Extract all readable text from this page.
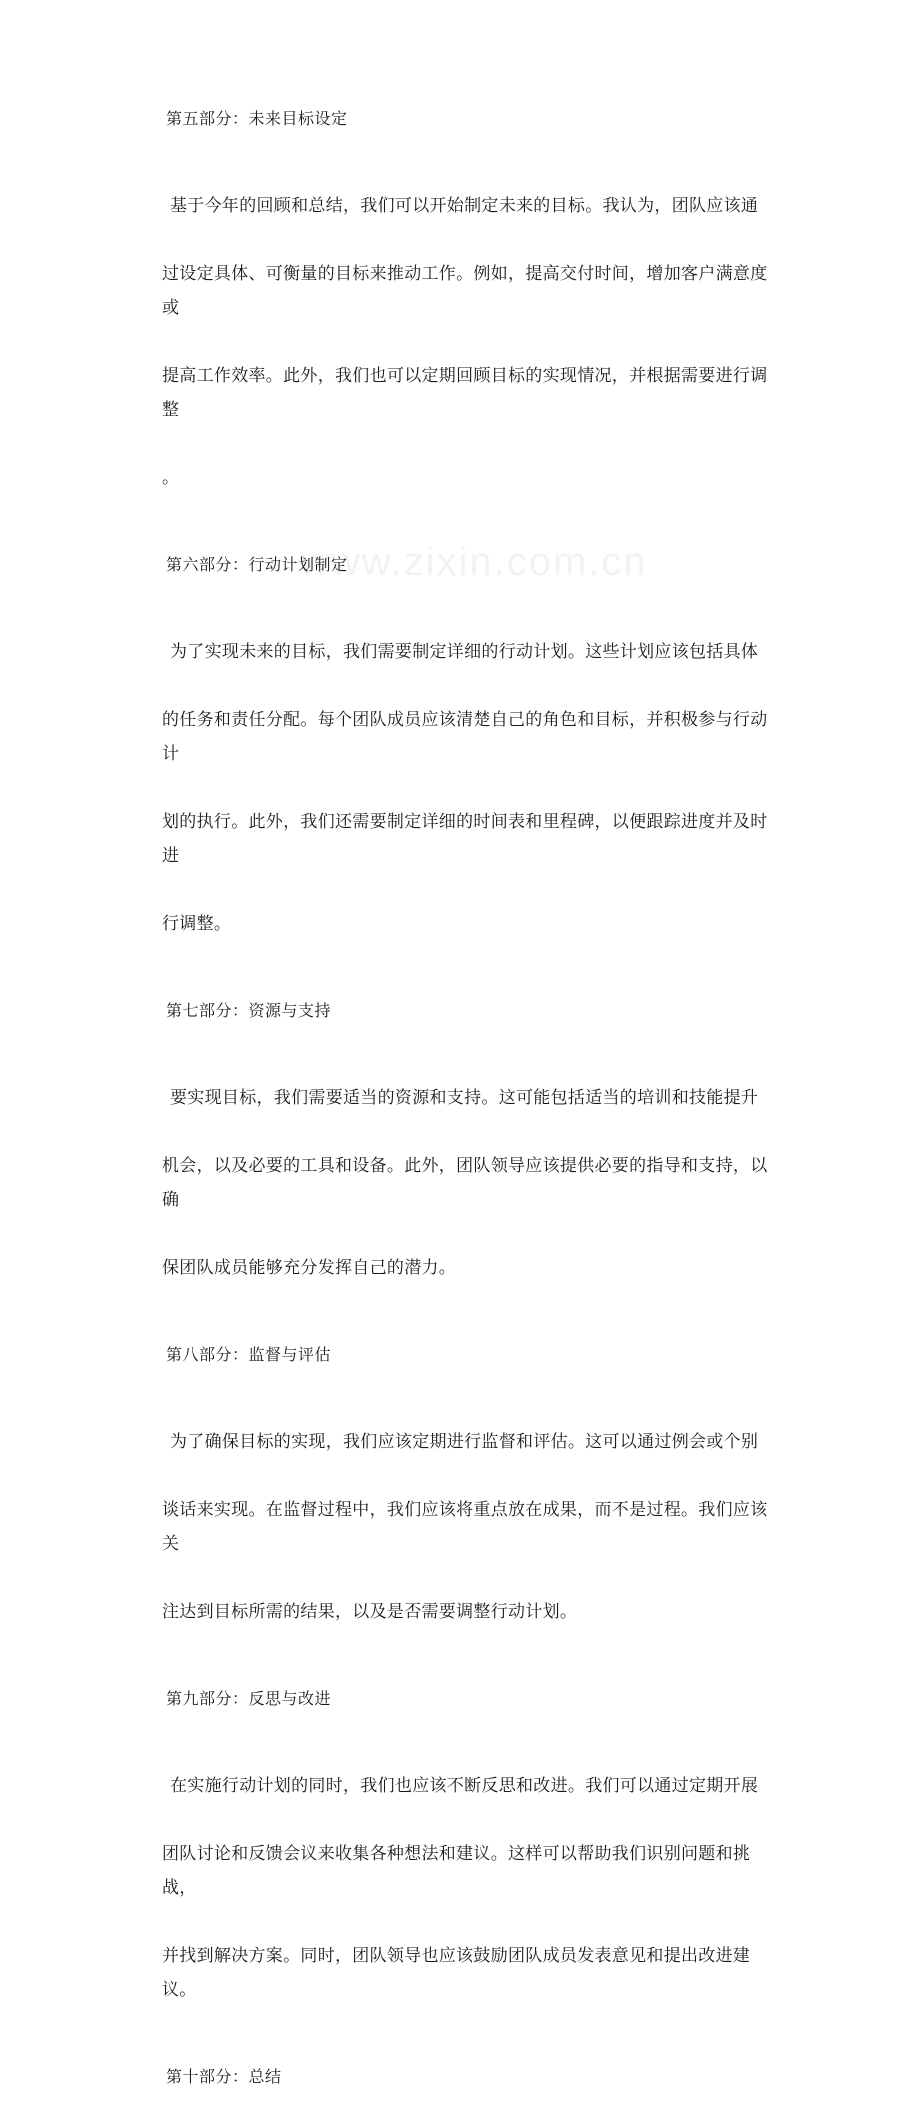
第五部分：未来目标设定

基于今年的回顾和总结，我们可以开始制定未来的目标。我认为，团队应该通

过设定具体、可衡量的目标来推动工作。例如，提高交付时间，增加客户满意度或

提高工作效率。此外，我们也可以定期回顾目标的实现情况，并根据需要进行调整

。

第六部分：行动计划制定

为了实现未来的目标，我们需要制定详细的行动计划。这些计划应该包括具体

的任务和责任分配。每个团队成员应该清楚自己的角色和目标，并积极参与行动计

划的执行。此外，我们还需要制定详细的时间表和里程碑，以便跟踪进度并及时进

行调整。

第七部分：资源与支持

要实现目标，我们需要适当的资源和支持。这可能包括适当的培训和技能提升

机会，以及必要的工具和设备。此外，团队领导应该提供必要的指导和支持，以确

保团队成员能够充分发挥自己的潜力。

第八部分：监督与评估

为了确保目标的实现，我们应该定期进行监督和评估。这可以通过例会或个别

谈话来实现。在监督过程中，我们应该将重点放在成果，而不是过程。我们应该关

注达到目标所需的结果，以及是否需要调整行动计划。

第九部分：反思与改进

在实施行动计划的同时，我们也应该不断反思和改进。我们可以通过定期开展

团队讨论和反馈会议来收集各种想法和建议。这样可以帮助我们识别问题和挑战，

并找到解决方案。同时，团队领导也应该鼓励团队成员发表意见和提出改进建议。

第十部分：总结
www.zixin.com.cn
